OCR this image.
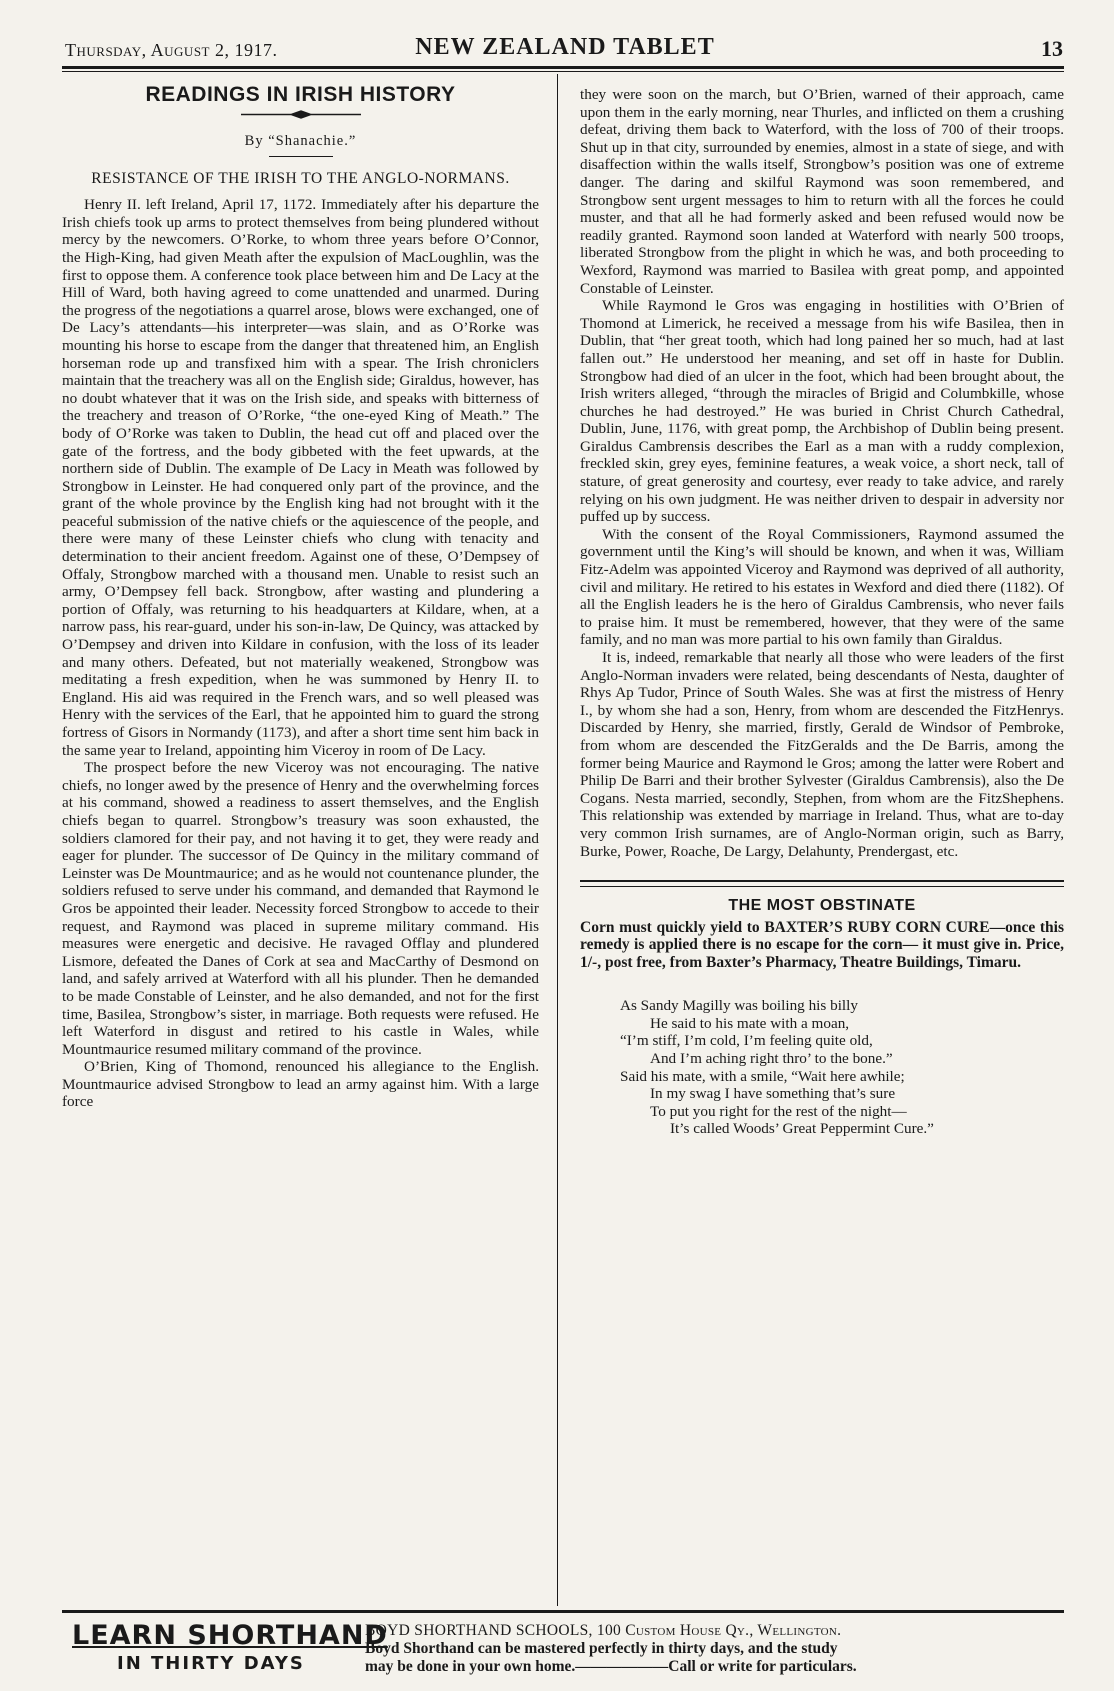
Thursday, August 2, 1917.	NEW ZEALAND TABLET	13
READINGS IN IRISH HISTORY
By “Shanachie.”
RESISTANCE OF THE IRISH TO THE ANGLO-NORMANS.

Henry II. left Ireland, April 17, 1172. Immediately after his departure the Irish chiefs took up arms to protect themselves from being plundered without mercy by the newcomers. O’Rorke, to whom three years before O’Connor, the High-King, had given Meath after the expulsion of MacLoughlin, was the first to oppose them. A conference took place between him and De Lacy at the Hill of Ward, both having agreed to come unattended and unarmed. During the progress of the negotiations a quarrel arose, blows were exchanged, one of De Lacy’s attendants—his interpreter—was slain, and as O’Rorke was mounting his horse to escape from the danger that threatened him, an English horseman rode up and transfixed him with a spear. The Irish chroniclers maintain that the treachery was all on the English side; Giraldus, however, has no doubt whatever that it was on the Irish side, and speaks with bitterness of the treachery and treason of O’Rorke, “the one-eyed King of Meath.” The body of O’Rorke was taken to Dublin, the head cut off and placed over the gate of the fortress, and the body gibbeted with the feet upwards, at the northern side of Dublin. The example of De Lacy in Meath was followed by Strongbow in Leinster. He had conquered only part of the province, and the grant of the whole province by the English king had not brought with it the peaceful submission of the native chiefs or the aquiescence of the people, and there were many of these Leinster chiefs who clung with tenacity and determination to their ancient freedom. Against one of these, O’Dempsey of Offaly, Strongbow marched with a thousand men. Unable to resist such an army, O’Dempsey fell back. Strongbow, after wasting and plundering a portion of Offaly, was returning to his headquarters at Kildare, when, at a narrow pass, his rear-guard, under his son-in-law, De Quincy, was attacked by O’Dempsey and driven into Kildare in confusion, with the loss of its leader and many others. Defeated, but not materially weakened, Strongbow was meditating a fresh expedition, when he was summoned by Henry II. to England. His aid was required in the French wars, and so well pleased was Henry with the services of the Earl, that he appointed him to guard the strong fortress of Gisors in Normandy (1173), and after a short time sent him back in the same year to Ireland, appointing him Viceroy in room of De Lacy.

The prospect before the new Viceroy was not encouraging. The native chiefs, no longer awed by the presence of Henry and the overwhelming forces at his command, showed a readiness to assert themselves, and the English chiefs began to quarrel. Strongbow’s treasury was soon exhausted, the soldiers clamored for their pay, and not having it to get, they were ready and eager for plunder. The successor of De Quincy in the military command of Leinster was De Mountmaurice; and as he would not countenance plunder, the soldiers refused to serve under his command, and demanded that Raymond le Gros be appointed their leader. Necessity forced Strongbow to accede to their request, and Raymond was placed in supreme military command. His measures were energetic and decisive. He ravaged Offlay and plundered Lismore, defeated the Danes of Cork at sea and MacCarthy of Desmond on land, and safely arrived at Waterford with all his plunder. Then he demanded to be made Constable of Leinster, and he also demanded, and not for the first time, Basilea, Strongbow’s sister, in marriage. Both requests were refused. He left Waterford in disgust and retired to his castle in Wales, while Mountmaurice resumed military command of the province.

O’Brien, King of Thomond, renounced his allegiance to the English. Mountmaurice advised Strongbow to lead an army against him. With a large force

they were soon on the march, but O’Brien, warned of their approach, came upon them in the early morning, near Thurles, and inflicted on them a crushing defeat, driving them back to Waterford, with the loss of 700 of their troops. Shut up in that city, surrounded by enemies, almost in a state of siege, and with disaffection within the walls itself, Strongbow’s position was one of extreme danger. The daring and skilful Raymond was soon remembered, and Strongbow sent urgent messages to him to return with all the forces he could muster, and that all he had formerly asked and been refused would now be readily granted. Raymond soon landed at Waterford with nearly 500 troops, liberated Strongbow from the plight in which he was, and both proceeding to Wexford, Raymond was married to Basilea with great pomp, and appointed Constable of Leinster.

While Raymond le Gros was engaging in hostilities with O’Brien of Thomond at Limerick, he received a message from his wife Basilea, then in Dublin, that “her great tooth, which had long pained her so much, had at last fallen out.” He understood her meaning, and set off in haste for Dublin. Strongbow had died of an ulcer in the foot, which had been brought about, the Irish writers alleged, “through the miracles of Brigid and Columbkille, whose churches he had destroyed.” He was buried in Christ Church Cathedral, Dublin, June, 1176, with great pomp, the Archbishop of Dublin being present. Giraldus Cambrensis describes the Earl as a man with a ruddy complexion, freckled skin, grey eyes, feminine features, a weak voice, a short neck, tall of stature, of great generosity and courtesy, ever ready to take advice, and rarely relying on his own judgment. He was neither driven to despair in adversity nor puffed up by success.

With the consent of the Royal Commissioners, Raymond assumed the government until the King’s will should be known, and when it was, William Fitz-Adelm was appointed Viceroy and Raymond was deprived of all authority, civil and military. He retired to his estates in Wexford and died there (1182). Of all the English leaders he is the hero of Giraldus Cambrensis, who never fails to praise him. It must be remembered, however, that they were of the same family, and no man was more partial to his own family than Giraldus.

It is, indeed, remarkable that nearly all those who were leaders of the first Anglo-Norman invaders were related, being descendants of Nesta, daughter of Rhys Ap Tudor, Prince of South Wales. She was at first the mistress of Henry I., by whom she had a son, Henry, from whom are descended the FitzHenrys. Discarded by Henry, she married, firstly, Gerald de Windsor of Pembroke, from whom are descended the FitzGeralds and the De Barris, among the former being Maurice and Raymond le Gros; among the latter were Robert and Philip De Barri and their brother Sylvester (Giraldus Cambrensis), also the De Cogans. Nesta married, secondly, Stephen, from whom are the FitzShephens. This relationship was extended by marriage in Ireland. Thus, what are to-day very common Irish surnames, are of Anglo-Norman origin, such as Barry, Burke, Power, Roache, De Largy, Delahunty, Prendergast, etc.

THE MOST OBSTINATE
Corn must quickly yield to BAXTER’S RUBY CORN CURE—once this remedy is applied there is no escape for the corn— it must give in. Price, 1/-, post free, from Baxter’s Pharmacy, Theatre Buildings, Timaru.
As Sandy Magilly was boiling his billy
He said to his mate with a moan,
“I’m stiff, I’m cold, I’m feeling quite old,
And I’m aching right thro’ to the bone.”
Said his mate, with a smile, “Wait here awhile;
In my swag I have something that’s sure
To put you right for the rest of the night—
It’s called Woods’ Great Peppermint Cure.”
LEARN SHORTHAND
IN THIRTY DAYS
BOYD SHORTHAND SCHOOLS, 100 Custom House Qy., Wellington.
Boyd Shorthand can be mastered perfectly in thirty days, and the study
may be done in your own home.——————Call or write for particulars.
